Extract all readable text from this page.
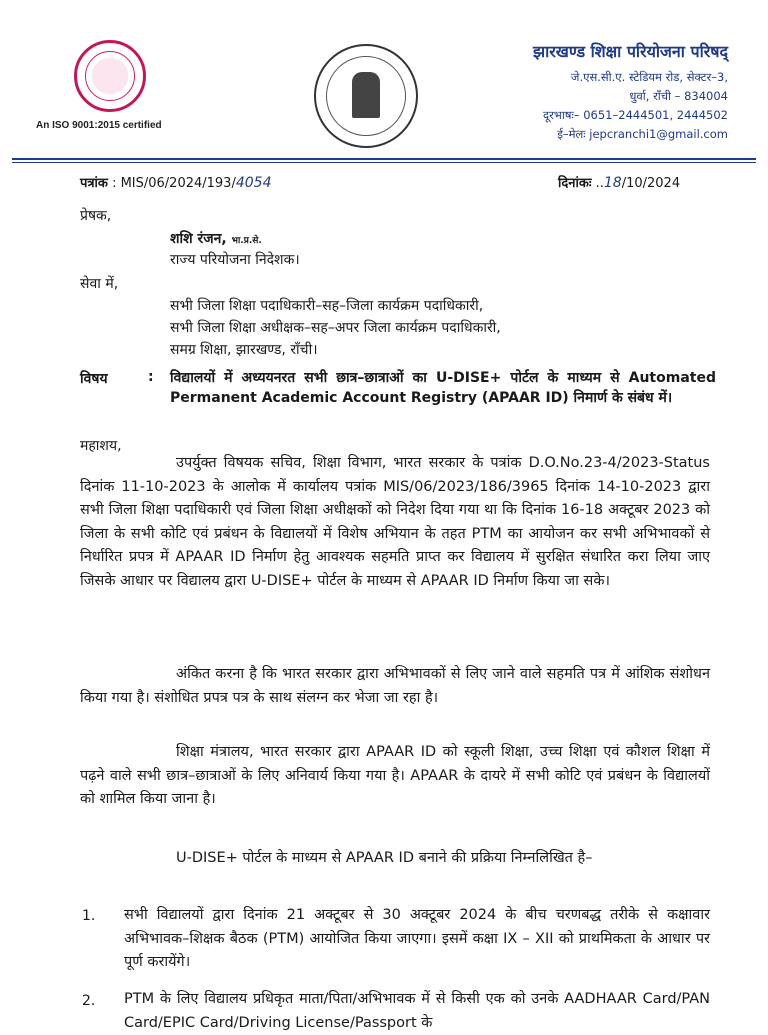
An ISO 9001:2015 certified
झारखण्ड शिक्षा परियोजना परिषद्
जे.एस.सी.ए. स्टेडियम रोड, सेक्टर–3,
धुर्वा, राँची – 834004
दूरभाषः– 0651–2444501, 2444502
ई–मेलः jepcranchi1@gmail.com
पत्रांक : MIS/06/2024/193/4054	दिनांकः ..18/10/2024
प्रेषक,
शशि रंजन, भा.प्र.से.
राज्य परियोजना निदेशक।
सेवा में,
सभी जिला शिक्षा पदाधिकारी–सह–जिला कार्यक्रम पदाधिकारी,
सभी जिला शिक्षा अधीक्षक–सह–अपर जिला कार्यक्रम पदाधिकारी,
समग्र शिक्षा, झारखण्ड, राँची।
विषय	: विद्यालयों में अध्ययनरत सभी छात्र–छात्राओं का U-DISE+ पोर्टल के माध्यम से Automated Permanent Academic Account Registry (APAAR ID) निमार्ण के संबंध में।
महाशय,
उपर्युक्त विषयक सचिव, शिक्षा विभाग, भारत सरकार के पत्रांक D.O.No.23-4/2023-Status दिनांक 11-10-2023 के आलोक में कार्यालय पत्रांक MIS/06/2023/186/3965 दिनांक 14-10-2023 द्वारा सभी जिला शिक्षा पदाधिकारी एवं जिला शिक्षा अधीक्षकों को निदेश दिया गया था कि दिनांक 16-18 अक्टूबर 2023 को जिला के सभी कोटि एवं प्रबंधन के विद्यालयों में विशेष अभियान के तहत PTM का आयोजन कर सभी अभिभावकों से निर्धारित प्रपत्र में APAAR ID निर्माण हेतु आवश्यक सहमति प्राप्त कर विद्यालय में सुरक्षित संधारित करा लिया जाए जिसके आधार पर विद्यालय द्वारा U-DISE+ पोर्टल के माध्यम से APAAR ID निर्माण किया जा सके।
अंकित करना है कि भारत सरकार द्वारा अभिभावकों से लिए जाने वाले सहमति पत्र में आंशिक संशोधन किया गया है। संशोधित प्रपत्र पत्र के साथ संलग्न कर भेजा जा रहा है।
शिक्षा मंत्रालय, भारत सरकार द्वारा APAAR ID को स्कूली शिक्षा, उच्च शिक्षा एवं कौशल शिक्षा में पढ़ने वाले सभी छात्र–छात्राओं के लिए अनिवार्य किया गया है। APAAR के दायरे में सभी कोटि एवं प्रबंधन के विद्यालयों को शामिल किया जाना है।
U-DISE+ पोर्टल के माध्यम से APAAR ID बनाने की प्रक्रिया निम्नलिखित है–
1. सभी विद्यालयों द्वारा दिनांक 21 अक्टूबर से 30 अक्टूबर 2024 के बीच चरणबद्ध तरीके से कक्षावार अभिभावक–शिक्षक बैठक (PTM) आयोजित किया जाएगा। इसमें कक्षा IX – XII को प्राथमिकता के आधार पर पूर्ण करायेंगे।
2. PTM के लिए विद्यालय प्रधिकृत माता/पिता/अभिभावक में से किसी एक को उनके AADHAAR Card/PAN Card/EPIC Card/Driving License/Passport के
